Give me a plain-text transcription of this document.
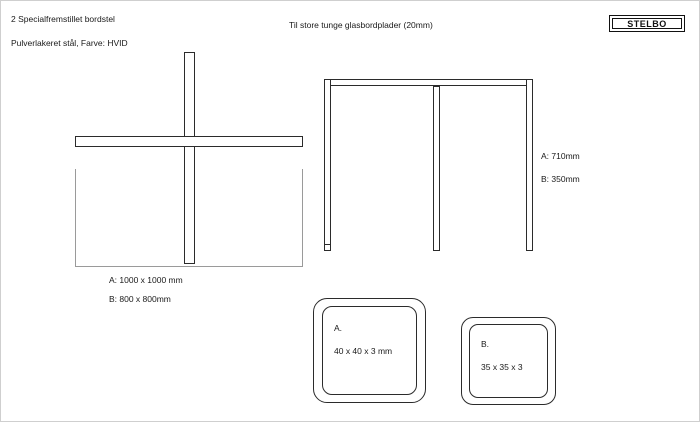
2 Specialfremstillet bordstel
Pulverlakeret stål, Farve: HVID
Til store tunge glasbordplader (20mm)	STELBO
A: 1000 x 1000 mm
B: 800 x 800mm
A: 710mm
B: 350mm
A.
40 x 40 x 3 mm
B.
35 x 35 x 3
